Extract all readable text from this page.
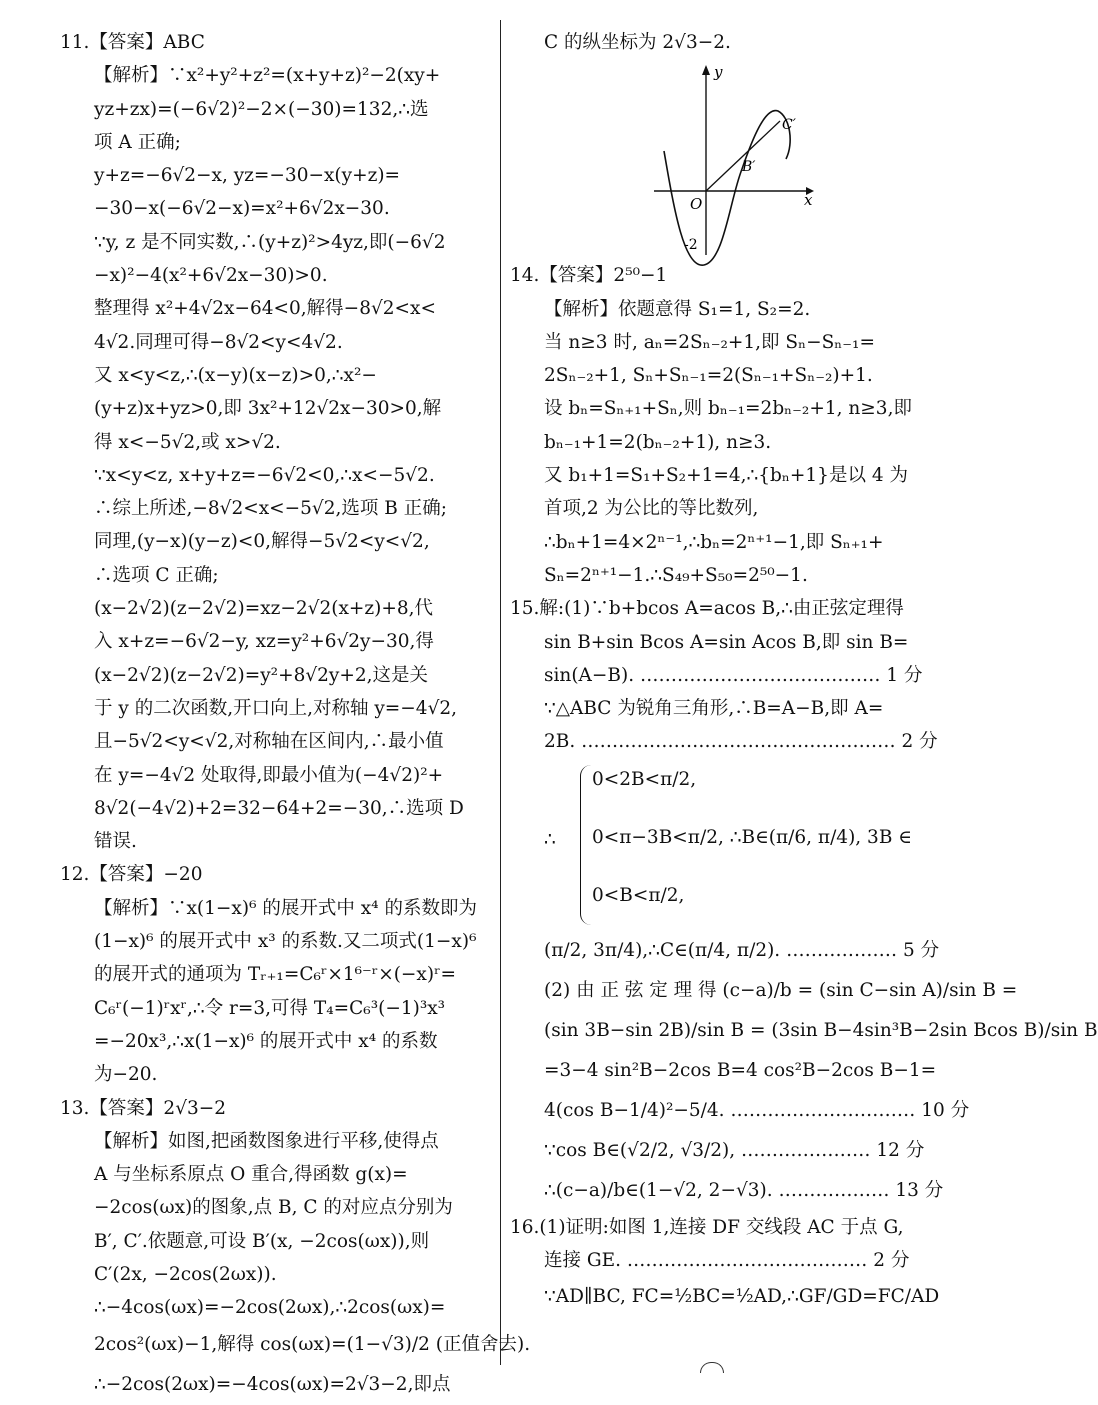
11.【答案】ABC
【解析】∵x²+y²+z²=(x+y+z)²−2(xy+
yz+zx)=(−6√2)²−2×(−30)=132,∴选
项 A 正确;
y+z=−6√2−x, yz=−30−x(y+z)=
−30−x(−6√2−x)=x²+6√2x−30.
∵y, z 是不同实数,∴(y+z)²>4yz,即(−6√2
−x)²−4(x²+6√2x−30)>0.
整理得 x²+4√2x−64<0,解得−8√2<x<
4√2.同理可得−8√2<y<4√2.
又 x<y<z,∴(x−y)(x−z)>0,∴x²−
(y+z)x+yz>0,即 3x²+12√2x−30>0,解
得 x<−5√2,或 x>√2.
∵x<y<z, x+y+z=−6√2<0,∴x<−5√2.
∴综上所述,−8√2<x<−5√2,选项 B 正确;
同理,(y−x)(y−z)<0,解得−5√2<y<√2,
∴选项 C 正确;
(x−2√2)(z−2√2)=xz−2√2(x+z)+8,代
入 x+z=−6√2−y, xz=y²+6√2y−30,得
(x−2√2)(z−2√2)=y²+8√2y+2,这是关
于 y 的二次函数,开口向上,对称轴 y=−4√2,
且−5√2<y<√2,对称轴在区间内,∴最小值
在 y=−4√2 处取得,即最小值为(−4√2)²+
8√2(−4√2)+2=32−64+2=−30,∴选项 D
错误.
12.【答案】−20
【解析】∵x(1−x)⁶ 的展开式中 x⁴ 的系数即为
(1−x)⁶ 的展开式中 x³ 的系数.又二项式(1−x)⁶
的展开式的通项为 Tᵣ₊₁=C₆ʳ×1⁶⁻ʳ×(−x)ʳ=
C₆ʳ(−1)ʳxʳ,∴令 r=3,可得 T₄=C₆³(−1)³x³
=−20x³,∴x(1−x)⁶ 的展开式中 x⁴ 的系数
为−20.
13.【答案】2√3−2
【解析】如图,把函数图象进行平移,使得点
A 与坐标系原点 O 重合,得函数 g(x)=
−2cos(ωx)的图象,点 B, C 的对应点分别为
B′, C′.依题意,可设 B′(x, −2cos(ωx)),则
C′(2x, −2cos(2ωx)).
∴−4cos(ωx)=−2cos(2ωx),∴2cos(ωx)=
2cos²(ωx)−1,解得 cos(ωx)=(1−√3)/2 (正值舍去).
∴−2cos(2ωx)=−4cos(ωx)=2√3−2,即点
C 的纵坐标为 2√3−2.
y
x
O
B′
C′
-2
14.【答案】2⁵⁰−1
【解析】依题意得 S₁=1, S₂=2.
当 n≥3 时, aₙ=2Sₙ₋₂+1,即 Sₙ−Sₙ₋₁=
2Sₙ₋₂+1, Sₙ+Sₙ₋₁=2(Sₙ₋₁+Sₙ₋₂)+1.
设 bₙ=Sₙ₊₁+Sₙ,则 bₙ₋₁=2bₙ₋₂+1, n≥3,即
bₙ₋₁+1=2(bₙ₋₂+1), n≥3.
又 b₁+1=S₁+S₂+1=4,∴{bₙ+1}是以 4 为
首项,2 为公比的等比数列,
∴bₙ+1=4×2ⁿ⁻¹,∴bₙ=2ⁿ⁺¹−1,即 Sₙ₊₁+
Sₙ=2ⁿ⁺¹−1.∴S₄₉+S₅₀=2⁵⁰−1.
15.解:(1)∵b+bcos A=acos B,∴由正弦定理得
sin B+sin Bcos A=sin Acos B,即 sin B=
sin(A−B). ………………………………… 1 分
∵△ABC 为锐角三角形,∴B=A−B,即 A=
2B. …………………………………………… 2 分
∴
0<2B<π/2,
0<π−3B<π/2, ∴B∈(π/6, π/4), 3B ∈
0<B<π/2,
(π/2, 3π/4),∴C∈(π/4, π/2). ……………… 5 分
(2) 由 正 弦 定 理 得 (c−a)/b = (sin C−sin A)/sin B =
(sin 3B−sin 2B)/sin B = (3sin B−4sin³B−2sin Bcos B)/sin B
=3−4 sin²B−2cos B=4 cos²B−2cos B−1=
4(cos B−1/4)²−5/4. ………………………… 10 分
∵cos B∈(√2/2, √3/2), ………………… 12 分
∴(c−a)/b∈(1−√2, 2−√3). ……………… 13 分
16.(1)证明:如图 1,连接 DF 交线段 AC 于点 G,
连接 GE. ………………………………… 2 分
∵AD∥BC, FC=½BC=½AD,∴GF/GD=FC/AD
